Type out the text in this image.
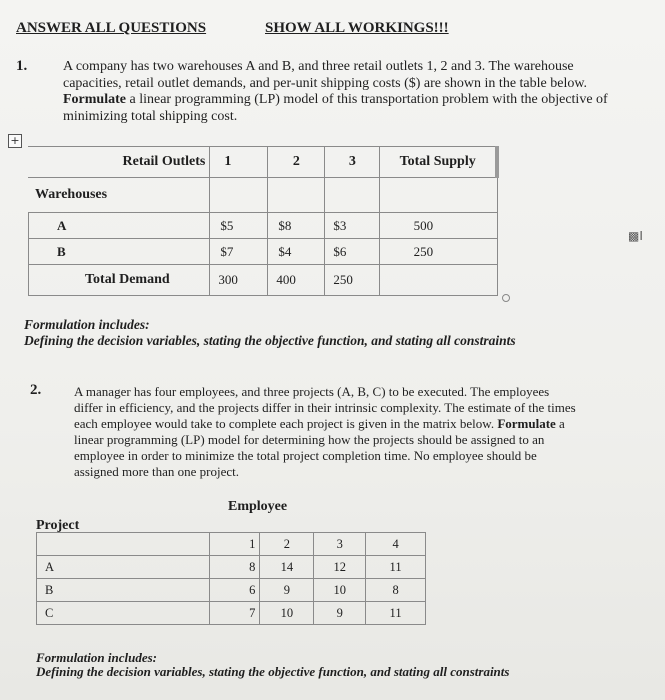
ANSWER ALL QUESTIONS	SHOW ALL WORKINGS!!!
1.	A company has two warehouses A and B, and three retail outlets 1, 2 and 3. The warehouse
capacities, retail outlet demands, and per-unit shipping costs ($) are shown in the table below.
Formulate a linear programming (LP) model of this transportation problem with the objective of
minimizing total shipping cost.
+
Retail Outlets	1	2	3	Total Supply
Warehouses				
A	$5	$8	$3	500
B	$7	$4	$6	250
Total Demand	300	400	250	
▩I
Formulation includes:
Defining the decision variables, stating the objective function, and stating all constraints
2.	A manager has four employees, and three projects (A, B, C) to be executed. The employees
differ in efficiency, and the projects differ in their intrinsic complexity. The estimate of the times
each employee would take to complete each project is given in the matrix below. Formulate a
linear programming (LP) model for determining how the projects should be assigned to an
employee in order to minimize the total project completion time. No employee should be
assigned more than one project.
Employee
Project
	1	2	3	4
A	8	14	12	11
B	6	9	10	8
C	7	10	9	11
Formulation includes:
Defining the decision variables, stating the objective function, and stating all constraints
